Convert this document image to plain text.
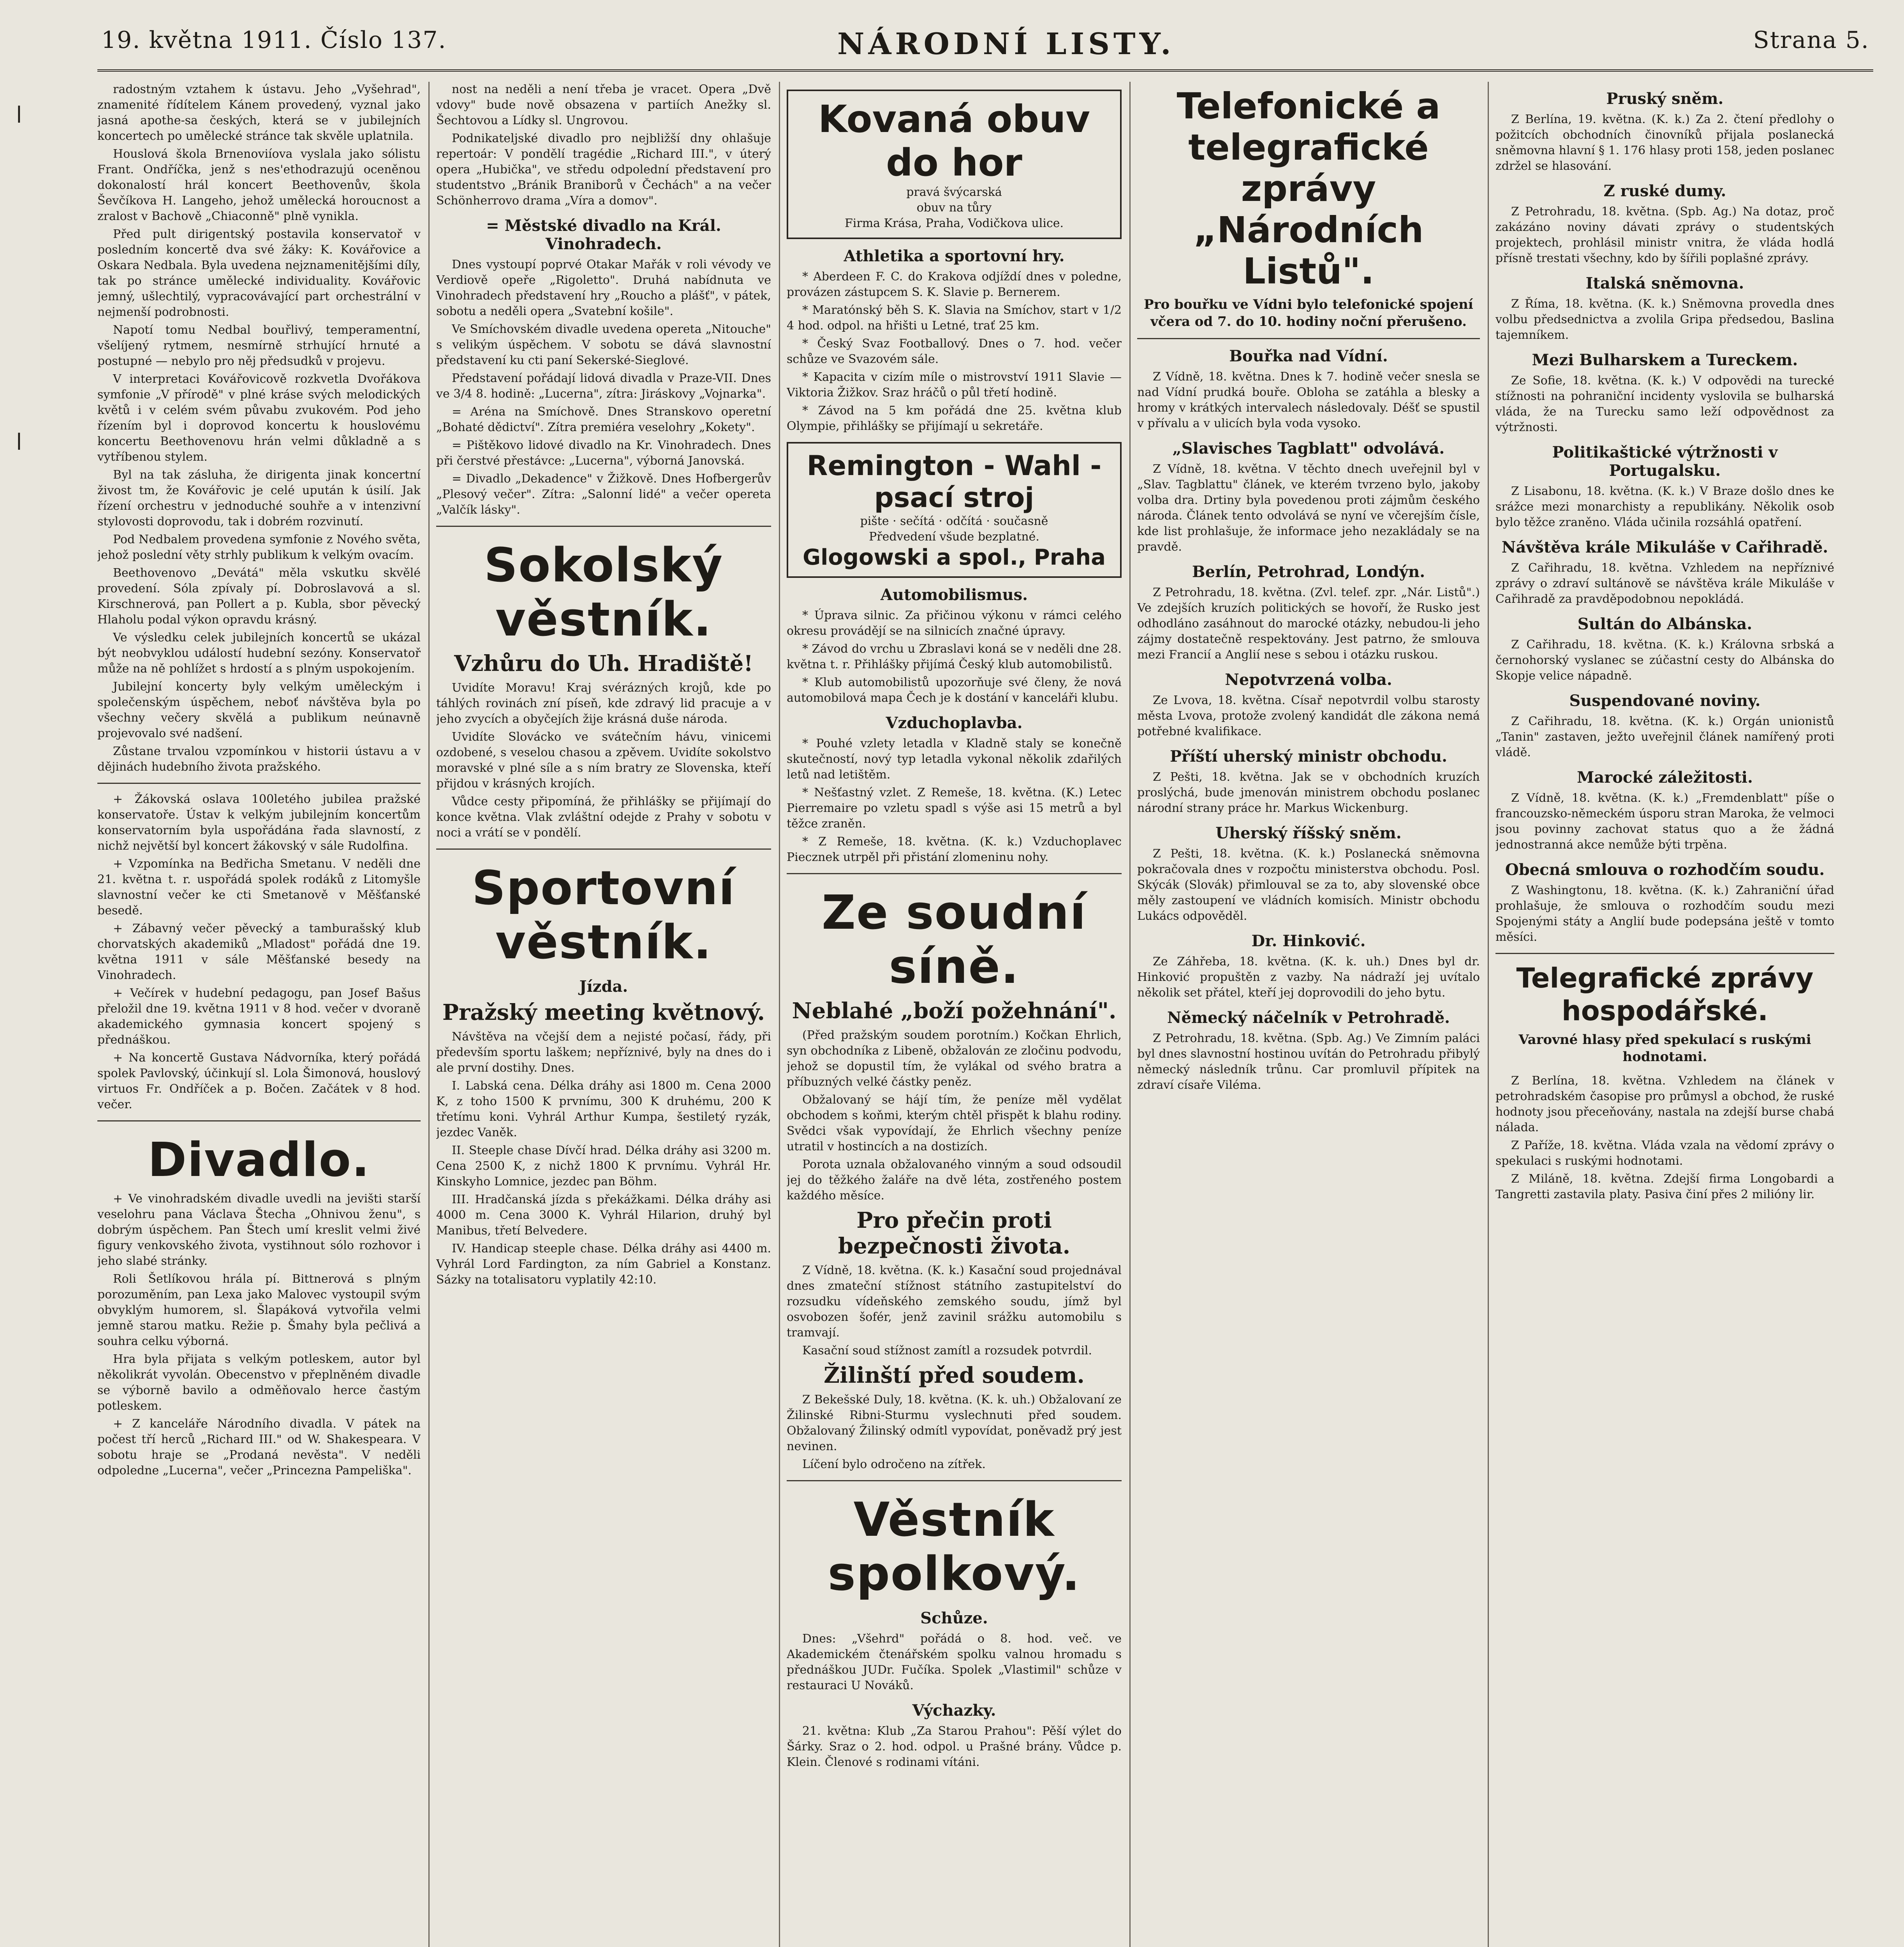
19. května 1911. Číslo 137.	NÁRODNÍ LISTY.	Strana 5.
ǀ
ǀ
radostným vztahem k ústavu. Jeho „Vyšehrad", znamenité řídítelem Kánem provedený, vyznal jako jasná apothe-sa českých, která se v jubilejních koncertech po umělecké stránce tak skvěle uplatnila.
Houslová škola Brnenoviíova vyslala jako sólistu Frant. Ondříčka, jenž s nes'ethodrazujú oceněnou dokonalostí hrál koncert Beethovenův, škola Ševčíkova H. Langeho, jehož umělecká horoucnost a zralost v Bachově „Chiaconně" plně vynikla.
Před pult dirigentský postavila konservatoř v posledním koncertě dva své žáky: K. Kovářovice a Oskara Nedbala. Byla uvedena nejznamenitějšími díly, tak po stránce umělecké individuality. Kovářovic jemný, ušlechtilý, vypracovávající part orchestrální v nejmenší podrobnosti.
Napotí tomu Nedbal bouřlivý, temperamentní, všelíjený rytmem, nesmírně strhující hrnuté a postupné — nebylo pro něj předsudků v projevu.
V interpretaci Kovářovicově rozkvetla Dvořákova symfonie „V přírodě" v plné kráse svých melodických květů i v celém svém půvabu zvukovém. Pod jeho řízením byl i doprovod koncertu k houslovému koncertu Beethovenovu hrán velmi důkladně a s vytříbenou stylem.
Byl na tak zásluha, že dirigenta jinak koncertní živost tm, že Kovářovic je celé upután k úsilí. Jak řízení orchestru v jednoduché souhře a v intenzivní stylovosti doprovodu, tak i dobrém rozvinutí.
Pod Nedbalem provedena symfonie z Nového světa, jehož poslední věty strhly publikum k velkým ovacím.
Beethovenovo „Devátá" měla vskutku skvělé provedení. Sóla zpívaly pí. Dobroslavová a sl. Kirschnerová, pan Pollert a p. Kubla, sbor pěvecký Hlaholu podal výkon opravdu krásný.
Ve výsledku celek jubilejních koncertů se ukázal být neobvyklou událostí hudební sezóny. Konservatoř může na ně pohlížet s hrdostí a s plným uspokojením.
Jubilejní koncerty byly velkým uměleckým i společenským úspěchem, neboť návštěva byla po všechny večery skvělá a publikum neúnavně projevovalo své nadšení.
Zůstane trvalou vzpomínkou v historii ústavu a v dějinách hudebního života pražského.
+ Žákovská oslava 100letého jubilea pražské konservatoře. Ústav k velkým jubilejním koncertům konservatorním byla uspořádána řada slavností, z nichž největší byl koncert žákovský v sále Rudolfina.
+ Vzpomínka na Bedřicha Smetanu. V neděli dne 21. května t. r. uspořádá spolek rodáků z Litomyšle slavnostní večer ke cti Smetanově v Měšťanské besedě.
+ Zábavný večer pěvecký a tamburašský klub chorvatských akademiků „Mladost" pořádá dne 19. května 1911 v sále Měšťanské besedy na Vinohradech.
+ Večírek v hudební pedagogu, pan Josef Bašus přeložil dne 19. května 1911 v 8 hod. večer v dvoraně akademického gymnasia koncert spojený s přednáškou.
+ Na koncertě Gustava Nádvorníka, který pořádá spolek Pavlovský, účinkují sl. Lola Šimonová, houslový virtuos Fr. Ondříček a p. Bočen. Začátek v 8 hod. večer.
Divadlo.
+ Ve vinohradském divadle uvedli na jevišti starší veselohru pana Václava Štecha „Ohnivou ženu", s dobrým úspěchem. Pan Štech umí kreslit velmi živé figury venkovského života, vystihnout sólo rozhovor i jeho slabé stránky.
Roli Šetlíkovou hrála pí. Bittnerová s plným porozuměním, pan Lexa jako Malovec vystoupil svým obvyklým humorem, sl. Šlapáková vytvořila velmi jemně starou matku. Režie p. Šmahy byla pečlivá a souhra celku výborná.
Hra byla přijata s velkým potleskem, autor byl několikrát vyvolán. Obecenstvo v přeplněném divadle se výborně bavilo a odměňovalo herce častým potleskem.
+ Z kanceláře Národního divadla. V pátek na počest tří herců „Richard III." od W. Shakespeara. V sobotu hraje se „Prodaná nevěsta". V neděli odpoledne „Lucerna", večer „Princezna Pampeliška".
nost na neděli a není třeba je vracet. Opera „Dvě vdovy" bude nově obsazena v partiích Anežky sl. Šechtovou a Lídky sl. Ungrovou.
Podnikateljské divadlo pro nejbližší dny ohlašuje repertoár: V pondělí tragédie „Richard III.", v úterý opera „Hubička", ve středu odpolední představení pro studentstvo „Bránik Braniborů v Čechách" a na večer Schönherrovo drama „Víra a domov".
= Městské divadlo na Král. Vinohradech.
Dnes vystoupí poprvé Otakar Mařák v roli vévody ve Verdiově opeře „Rigoletto". Druhá nabídnuta ve Vinohradech představení hry „Roucho a plášť", v pátek, sobotu a neděli opera „Svatební košile".
Ve Smíchovském divadle uvedena opereta „Nitouche" s velikým úspěchem. V sobotu se dává slavnostní představení ku cti paní Sekerské-Sieglové.
Představení pořádají lidová divadla v Praze-VII. Dnes ve 3/4 8. hodině: „Lucerna", zítra: Jiráskovy „Vojnarka".
= Aréna na Smíchově. Dnes Stranskovo operetní „Bohaté dědictví". Zítra premiéra veselohry „Kokety".
= Pištěkovo lidové divadlo na Kr. Vinohradech. Dnes při čerstvé přestávce: „Lucerna", výborná Janovská.
= Divadlo „Dekadence" v Žižkově. Dnes Hofbergerův „Plesový večer". Zítra: „Salonní lidé" a večer opereta „Valčík lásky".
Sokolský věstník.
Vzhůru do Uh. Hradiště!
Uvidíte Moravu! Kraj svérázných krojů, kde po táhlých rovinách zní píseň, kde zdravý lid pracuje a v jeho zvycích a obyčejích žije krásná duše národa.
Uvidíte Slovácko ve svátečním hávu, vinicemi ozdobené, s veselou chasou a zpěvem. Uvidíte sokolstvo moravské v plné síle a s ním bratry ze Slovenska, kteří přijdou v krásných krojích.
Vůdce cesty připomíná, že přihlášky se přijímají do konce května. Vlak zvláštní odejde z Prahy v sobotu v noci a vrátí se v pondělí.
Sportovní věstník.
Jízda.
Pražský meeting květnový.
Návštěva na včejší dem a nejisté počasí, řády, při především sportu laškem; nepříznivé, byly na dnes do i ale první dostihy. Dnes.
I. Labská cena. Délka dráhy asi 1800 m. Cena 2000 K, z toho 1500 K prvnímu, 300 K druhému, 200 K třetímu koni. Vyhrál Arthur Kumpa, šestiletý ryzák, jezdec Vaněk.
II. Steeple chase Dívčí hrad. Délka dráhy asi 3200 m. Cena 2500 K, z nichž 1800 K prvnímu. Vyhrál Hr. Kinskyho Lomnice, jezdec pan Böhm.
III. Hradčanská jízda s překážkami. Délka dráhy asi 4000 m. Cena 3000 K. Vyhrál Hilarion, druhý byl Manibus, třetí Belvedere.
IV. Handicap steeple chase. Délka dráhy asi 4400 m. Vyhrál Lord Fardington, za ním Gabriel a Konstanz. Sázky na totalisatoru vyplatily 42:10.
Kovaná obuv do hor
pravá švýcarská
obuv na tůry
Firma Krása, Praha, Vodičkova ulice.
Athletika a sportovní hry.
* Aberdeen F. C. do Krakova odjíždí dnes v poledne, provázen zástupcem S. K. Slavie p. Bernerem.
* Maratónský běh S. K. Slavia na Smíchov, start v 1/2 4 hod. odpol. na hřišti u Letné, trať 25 km.
* Český Svaz Footballový. Dnes o 7. hod. večer schůze ve Svazovém sále.
* Kapacita v cizím míle o mistrovství 1911 Slavie — Viktoria Žižkov. Sraz hráčů o půl třetí hodině.
* Závod na 5 km pořádá dne 25. května klub Olympie, přihlášky se přijímají u sekretáře.
Remington - Wahl - psací stroj
pište · sečítá · odčítá · současně
Předvedení všude bezplatné.
Glogowski a spol., Praha
Automobilismus.
* Úprava silnic. Za přičinou výkonu v rámci celého okresu provádějí se na silnicích značné úpravy.
* Závod do vrchu u Zbraslavi koná se v neděli dne 28. května t. r. Přihlášky přijímá Český klub automobilistů.
* Klub automobilistů upozorňuje své členy, že nová automobilová mapa Čech je k dostání v kanceláři klubu.
Vzduchoplavba.
* Pouhé vzlety letadla v Kladně staly se konečně skutečností, nový typ letadla vykonal několik zdařilých letů nad letištěm.
* Nešťastný vzlet. Z Remeše, 18. května. (K.) Letec Pierremaire po vzletu spadl s výše asi 15 metrů a byl těžce zraněn.
* Z Remeše, 18. května. (K. k.) Vzduchoplavec Piecznek utrpěl při přistání zlomeninu nohy.
Ze soudní síně.
Neblahé „boží požehnání".
(Před pražským soudem porotním.) Kočkan Ehrlich, syn obchodníka z Libeně, obžalován ze zločinu podvodu, jehož se dopustil tím, že vylákal od svého bratra a příbuzných velké částky peněz.
Obžalovaný se hájí tím, že peníze měl vydělat obchodem s koňmi, kterým chtěl přispět k blahu rodiny. Svědci však vypovídají, že Ehrlich všechny peníze utratil v hostincích a na dostizích.
Porota uznala obžalovaného vinným a soud odsoudil jej do těžkého žaláře na dvě léta, zostřeného postem každého měsíce.
Pro přečin proti bezpečnosti života.
Z Vídně, 18. května. (K. k.) Kasační soud projednával dnes zmateční stížnost státního zastupitelství do rozsudku vídeňského zemského soudu, jímž byl osvobozen šofér, jenž zavinil srážku automobilu s tramvají.
Kasační soud stížnost zamítl a rozsudek potvrdil.
Žilinští před soudem.
Z Bekešské Duly, 18. května. (K. k. uh.) Obžalovaní ze Žilinské Ribni-Sturmu vyslechnuti před soudem. Obžalovaný Žilinský odmítl vypovídat, poněvadž prý jest nevinen.
Líčení bylo odročeno na zítřek.
Věstník spolkový.
Schůze.
Dnes: „Všehrd" pořádá o 8. hod. več. ve Akademickém čtenářském spolku valnou hromadu s přednáškou JUDr. Fučíka. Spolek „Vlastimil" schůze v restauraci U Nováků.
Výchazky.
21. května: Klub „Za Starou Prahou": Pěší výlet do Šárky. Sraz o 2. hod. odpol. u Prašné brány. Vůdce p. Klein. Členové s rodinami vítáni.
Telefonické a telegrafické zprávy „Národních Listů".
Pro bouřku ve Vídni bylo telefonické spojení včera od 7. do 10. hodiny noční přerušeno.
Bouřka nad Vídní.
Z Vídně, 18. května. Dnes k 7. hodině večer snesla se nad Vídní prudká bouře. Obloha se zatáhla a blesky a hromy v krátkých intervalech následovaly. Déšť se spustil v přívalu a v ulicích byla voda vysoko.
„Slavisches Tagblatt" odvolává.
Z Vídně, 18. května. V těchto dnech uveřejnil byl v „Slav. Tagblattu" článek, ve kterém tvrzeno bylo, jakoby volba dra. Drtiny byla povedenou proti zájmům českého národa. Článek tento odvolává se nyní ve včerejším čísle, kde list prohlašuje, že informace jeho nezakládaly se na pravdě.
Berlín, Petrohrad, Londýn.
Z Petrohradu, 18. května. (Zvl. telef. zpr. „Nár. Listů".) Ve zdejších kruzích politických se hovoří, že Rusko jest odhodláno zasáhnout do marocké otázky, nebudou-li jeho zájmy dostatečně respektovány. Jest patrno, že smlouva mezi Francií a Anglií nese s sebou i otázku ruskou.
Nepotvrzená volba.
Ze Lvova, 18. května. Císař nepotvrdil volbu starosty města Lvova, protože zvolený kandidát dle zákona nemá potřebné kvalifikace.
Příští uherský ministr obchodu.
Z Pešti, 18. května. Jak se v obchodních kruzích proslýchá, bude jmenován ministrem obchodu poslanec národní strany práce hr. Markus Wickenburg.
Uherský říšský sněm.
Z Pešti, 18. května. (K. k.) Poslanecká sněmovna pokračovala dnes v rozpočtu ministerstva obchodu. Posl. Skýcák (Slovák) přimlouval se za to, aby slovenské obce měly zastoupení ve vládních komisích. Ministr obchodu Lukács odpověděl.
Dr. Hinković.
Ze Záhřeba, 18. května. (K. k. uh.) Dnes byl dr. Hinković propuštěn z vazby. Na nádraží jej uvítalo několik set přátel, kteří jej doprovodili do jeho bytu.
Německý náčelník v Petrohradě.
Z Petrohradu, 18. května. (Spb. Ag.) Ve Zimním paláci byl dnes slavnostní hostinou uvítán do Petrohradu přibylý německý následník trůnu. Car promluvil přípitek na zdraví císaře Viléma.
Pruský sněm.
Z Berlína, 19. května. (K. k.) Za 2. čtení předlohy o požitcích obchodních činovníků přijala poslanecká sněmovna hlavní § 1. 176 hlasy proti 158, jeden poslanec zdržel se hlasování.
Z ruské dumy.
Z Petrohradu, 18. května. (Spb. Ag.) Na dotaz, proč zakázáno noviny dávati zprávy o studentských projektech, prohlásil ministr vnitra, že vláda hodlá přísně trestati všechny, kdo by šířili poplašné zprávy.
Italská sněmovna.
Z Říma, 18. května. (K. k.) Sněmovna provedla dnes volbu předsednictva a zvolila Gripa předsedou, Baslina tajemníkem.
Mezi Bulharskem a Tureckem.
Ze Sofie, 18. května. (K. k.) V odpovědi na turecké stížnosti na pohraniční incidenty vyslovila se bulharská vláda, že na Turecku samo leží odpovědnost za výtržnosti.
Politikaštické výtržnosti v Portugalsku.
Z Lisabonu, 18. května. (K. k.) V Braze došlo dnes ke srážce mezi monarchisty a republikány. Několik osob bylo těžce zraněno. Vláda učinila rozsáhlá opatření.
Návštěva krále Mikuláše v Cařihradě.
Z Cařihradu, 18. května. Vzhledem na nepříznivé zprávy o zdraví sultánově se návštěva krále Mikuláše v Cařihradě za pravděpodobnou nepokládá.
Sultán do Albánska.
Z Cařihradu, 18. května. (K. k.) Královna srbská a černohorský vyslanec se zúčastní cesty do Albánska do Skopje velice nápadně.
Suspendované noviny.
Z Cařihradu, 18. května. (K. k.) Orgán unionistů „Tanin" zastaven, ježto uveřejnil článek namířený proti vládě.
Marocké záležitosti.
Z Vídně, 18. května. (K. k.) „Fremdenblatt" píše o francouzsko-německém úsporu stran Maroka, že velmoci jsou povinny zachovat status quo a že žádná jednostranná akce nemůže býti trpěna.
Obecná smlouva o rozhodčím soudu.
Z Washingtonu, 18. května. (K. k.) Zahraniční úřad prohlašuje, že smlouva o rozhodčím soudu mezi Spojenými státy a Anglií bude podepsána ještě v tomto měsíci.
Telegrafické zprávy hospodářské.
Varovné hlasy před spekulací s ruskými hodnotami.
Z Berlína, 18. května. Vzhledem na článek v petrohradském časopise pro průmysl a obchod, že ruské hodnoty jsou přeceňovány, nastala na zdejší burse chabá nálada.
Z Paříže, 18. května. Vláda vzala na vědomí zprávy o spekulaci s ruskými hodnotami.
Z Miláně, 18. května. Zdejší firma Longobardi a Tangretti zastavila platy. Pasiva činí přes 2 milióny lir.
